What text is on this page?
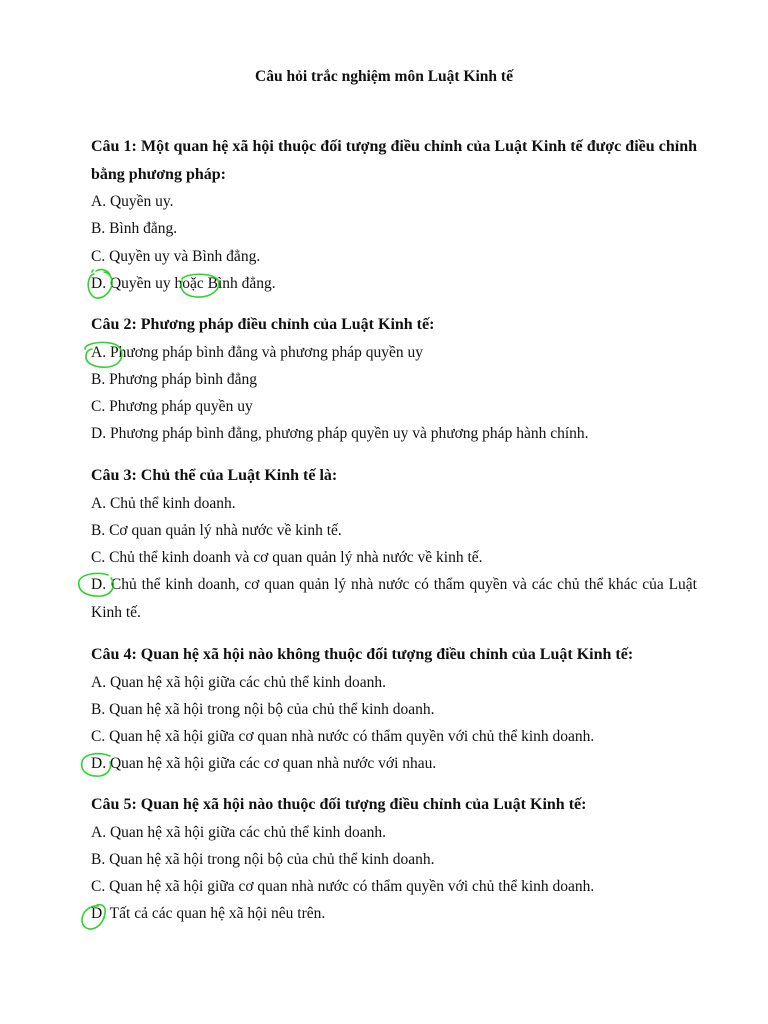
Câu hỏi trắc nghiệm môn Luật Kinh tế

Câu 1: Một quan hệ xã hội thuộc đối tượng điều chỉnh của Luật Kinh tế được điều chỉnh bằng phương pháp:

A. Quyền uy.

B. Bình đẳng.

C. Quyền uy và Bình đẳng.

D. Quyền uy hoặc Bình đẳng.

Câu 2: Phương pháp điều chỉnh của Luật Kinh tế:

A. Phương pháp bình đẳng và phương pháp quyền uy

B. Phương pháp bình đẳng

C. Phương pháp quyền uy

D. Phương pháp bình đẳng, phương pháp quyền uy và phương pháp hành chính.

Câu 3: Chủ thể của Luật Kinh tế là:

A. Chủ thể kinh doanh.

B. Cơ quan quản lý nhà nước về kinh tế.

C. Chủ thể kinh doanh và cơ quan quản lý nhà nước về kinh tế.

D. Chủ thể kinh doanh, cơ quan quản lý nhà nước có thẩm quyền và các chủ thể khác của Luật Kinh tế.

Câu 4: Quan hệ xã hội nào không thuộc đối tượng điều chỉnh của Luật Kinh tế:

A. Quan hệ xã hội giữa các chủ thể kinh doanh.

B. Quan hệ xã hội trong nội bộ của chủ thể kinh doanh.

C. Quan hệ xã hội giữa cơ quan nhà nước có thẩm quyền với chủ thể kinh doanh.

D. Quan hệ xã hội giữa các cơ quan nhà nước với nhau.

Câu 5: Quan hệ xã hội nào thuộc đối tượng điều chỉnh của Luật Kinh tế:

A. Quan hệ xã hội giữa các chủ thể kinh doanh.

B. Quan hệ xã hội trong nội bộ của chủ thể kinh doanh.

C. Quan hệ xã hội giữa cơ quan nhà nước có thẩm quyền với chủ thể kinh doanh.

D. Tất cả các quan hệ xã hội nêu trên.
